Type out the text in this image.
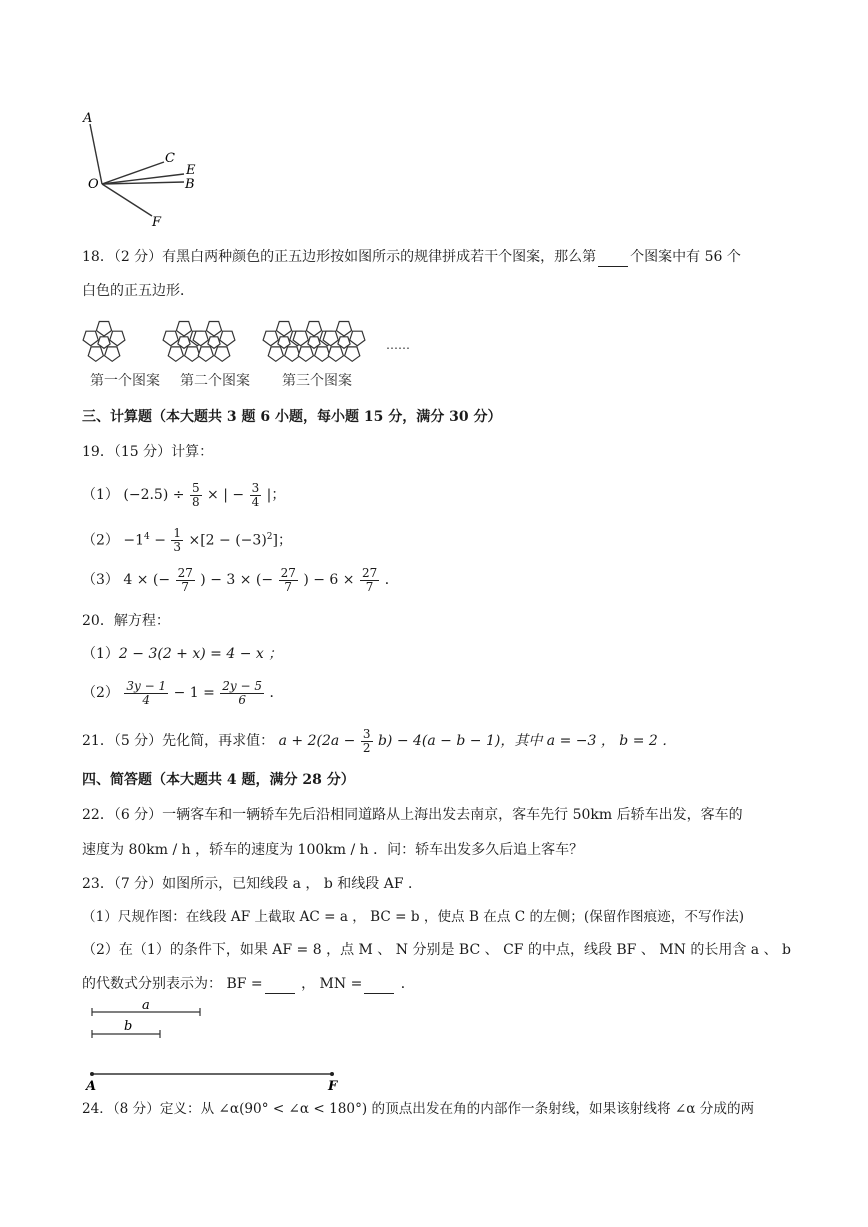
A
C
E
O	B
F
18．（2 分）有黑白两种颜色的正五边形按如图所示的规律拼成若干个图案，那么第 个图案中有 56 个
白色的正五边形．
第一个图案 第二个图案 第三个图案
……
三、计算题（本大题共 3 题 6 小题，每小题 15 分，满分 30 分）
19．（15 分）计算：
（1） $(-2.5) \div \frac{5}{8}$ × | − $\frac{3}{4}$ |；
$(2) -1^4 - \frac{1}{3} \times[2 - (-3)^2]$；
（3） 4 × (− $\frac{27}{7}$ ) − 3 × (− $\frac{27}{7}$ ) − $6 \times \frac{27}{7}$ ．
20．解方程：
（1）2 − 3(2 + x) = 4 − x ；
$(2) \frac{3y - 1}{4} - 1 = \frac{2y - 5}{6}$ ．
21．（5 分）先化简，再求值： $a + 2(2a - \frac{3}{2} b) - 4(a - b - 1)$，其中 a = −3 ， b = 2 ．
四、简答题（本大题共 4 题，满分 28 分）
22．（6 分）一辆客车和一辆轿车先后沿相同道路从上海出发去南京，客车先行 50km 后轿车出发，客车的
速度为 80km / h ，轿车的速度为 100km / h ．问：轿车出发多久后追上客车？
23．（7 分）如图所示，已知线段 a ， b 和线段 AF ．
（1）尺规作图：在线段 AF 上截取 AC = a ， BC = b ，使点 B 在点 C 的左侧；(保留作图痕迹，不写作法)
（2）在（1）的条件下，如果 AF = 8 ，点 M 、 N 分别是 BC 、 CF 的中点，线段 BF 、 MN 的长用含 a 、 b
的代数式分别表示为： BF =	， MN =	．
a
b
A	F
24．（8 分）定义：从 ∠α(90° < ∠α < 180°) 的顶点出发在角的内部作一条射线，如果该射线将 ∠α 分成的两
